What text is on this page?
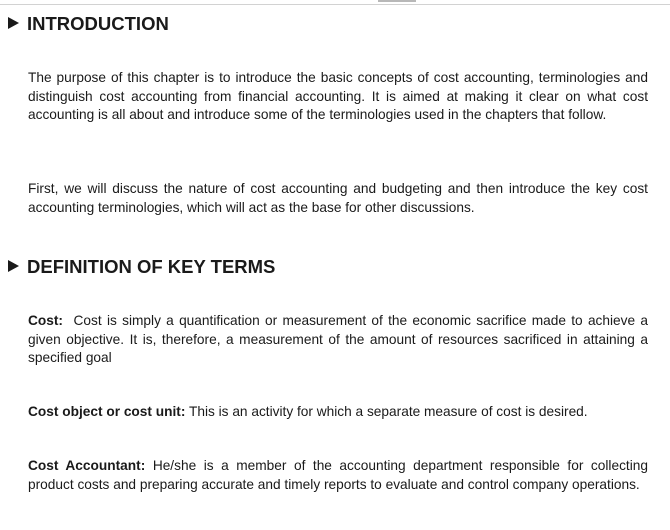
INTRODUCTION

The purpose of this chapter is to introduce the basic concepts of cost accounting, terminologies and distinguish cost accounting from financial accounting. It is aimed at making it clear on what cost accounting is all about and introduce some of the terminologies used in the chapters that follow.

First, we will discuss the nature of cost accounting and budgeting and then introduce the key cost accounting terminologies, which will act as the base for other discussions.

DEFINITION OF KEY TERMS

Cost: Cost is simply a quantification or measurement of the economic sacrifice made to achieve a given objective. It is, therefore, a measurement of the amount of resources sacrificed in attaining a specified goal

Cost object or cost unit: This is an activity for which a separate measure of cost is desired.

Cost Accountant: He/she is a member of the accounting department responsible for collecting product costs and preparing accurate and timely reports to evaluate and control company operations.
